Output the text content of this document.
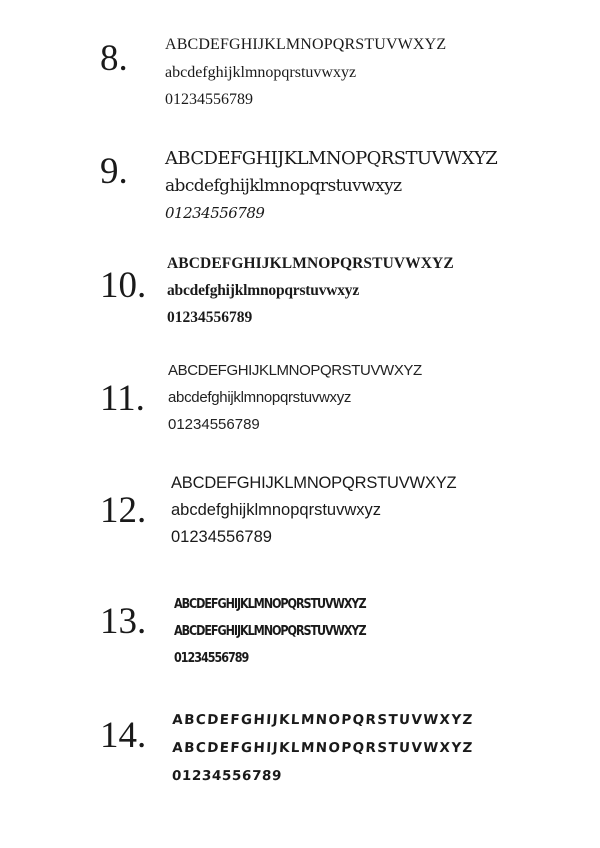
8. ABCDEFGHIJKLMNOPQRSTUVWXYZ
abcdefghijklmnopqrstuvwxyz
01234556789
9. ABCDEFGHIJKLMNOPQRSTUVWXYZ
abcdefghijklmnopqrstuvwxyz
01234556789
10.
ABCDEFGHIJKLMNOPQRSTUVWXYZ
abcdefghijklmnopqrstuvwxyz
01234556789
11.
ABCDEFGHIJKLMNOPQRSTUVWXYZ
abcdefghijklmnopqrstuvwxyz
01234556789
12.
ABCDEFGHIJKLMNOPQRSTUVWXYZ
abcdefghijklmnopqrstuvwxyz
01234556789
13. ABCDEFGHIJKLMNOPQRSTUVWXYZ
ABCDEFGHIJKLMNOPQRSTUVWXYZ
01234556789
14. ABCDEFGHIJKLMNOPQRSTUVWXYZ
ABCDEFGHIJKLMNOPQRSTUVWXYZ
01234556789
